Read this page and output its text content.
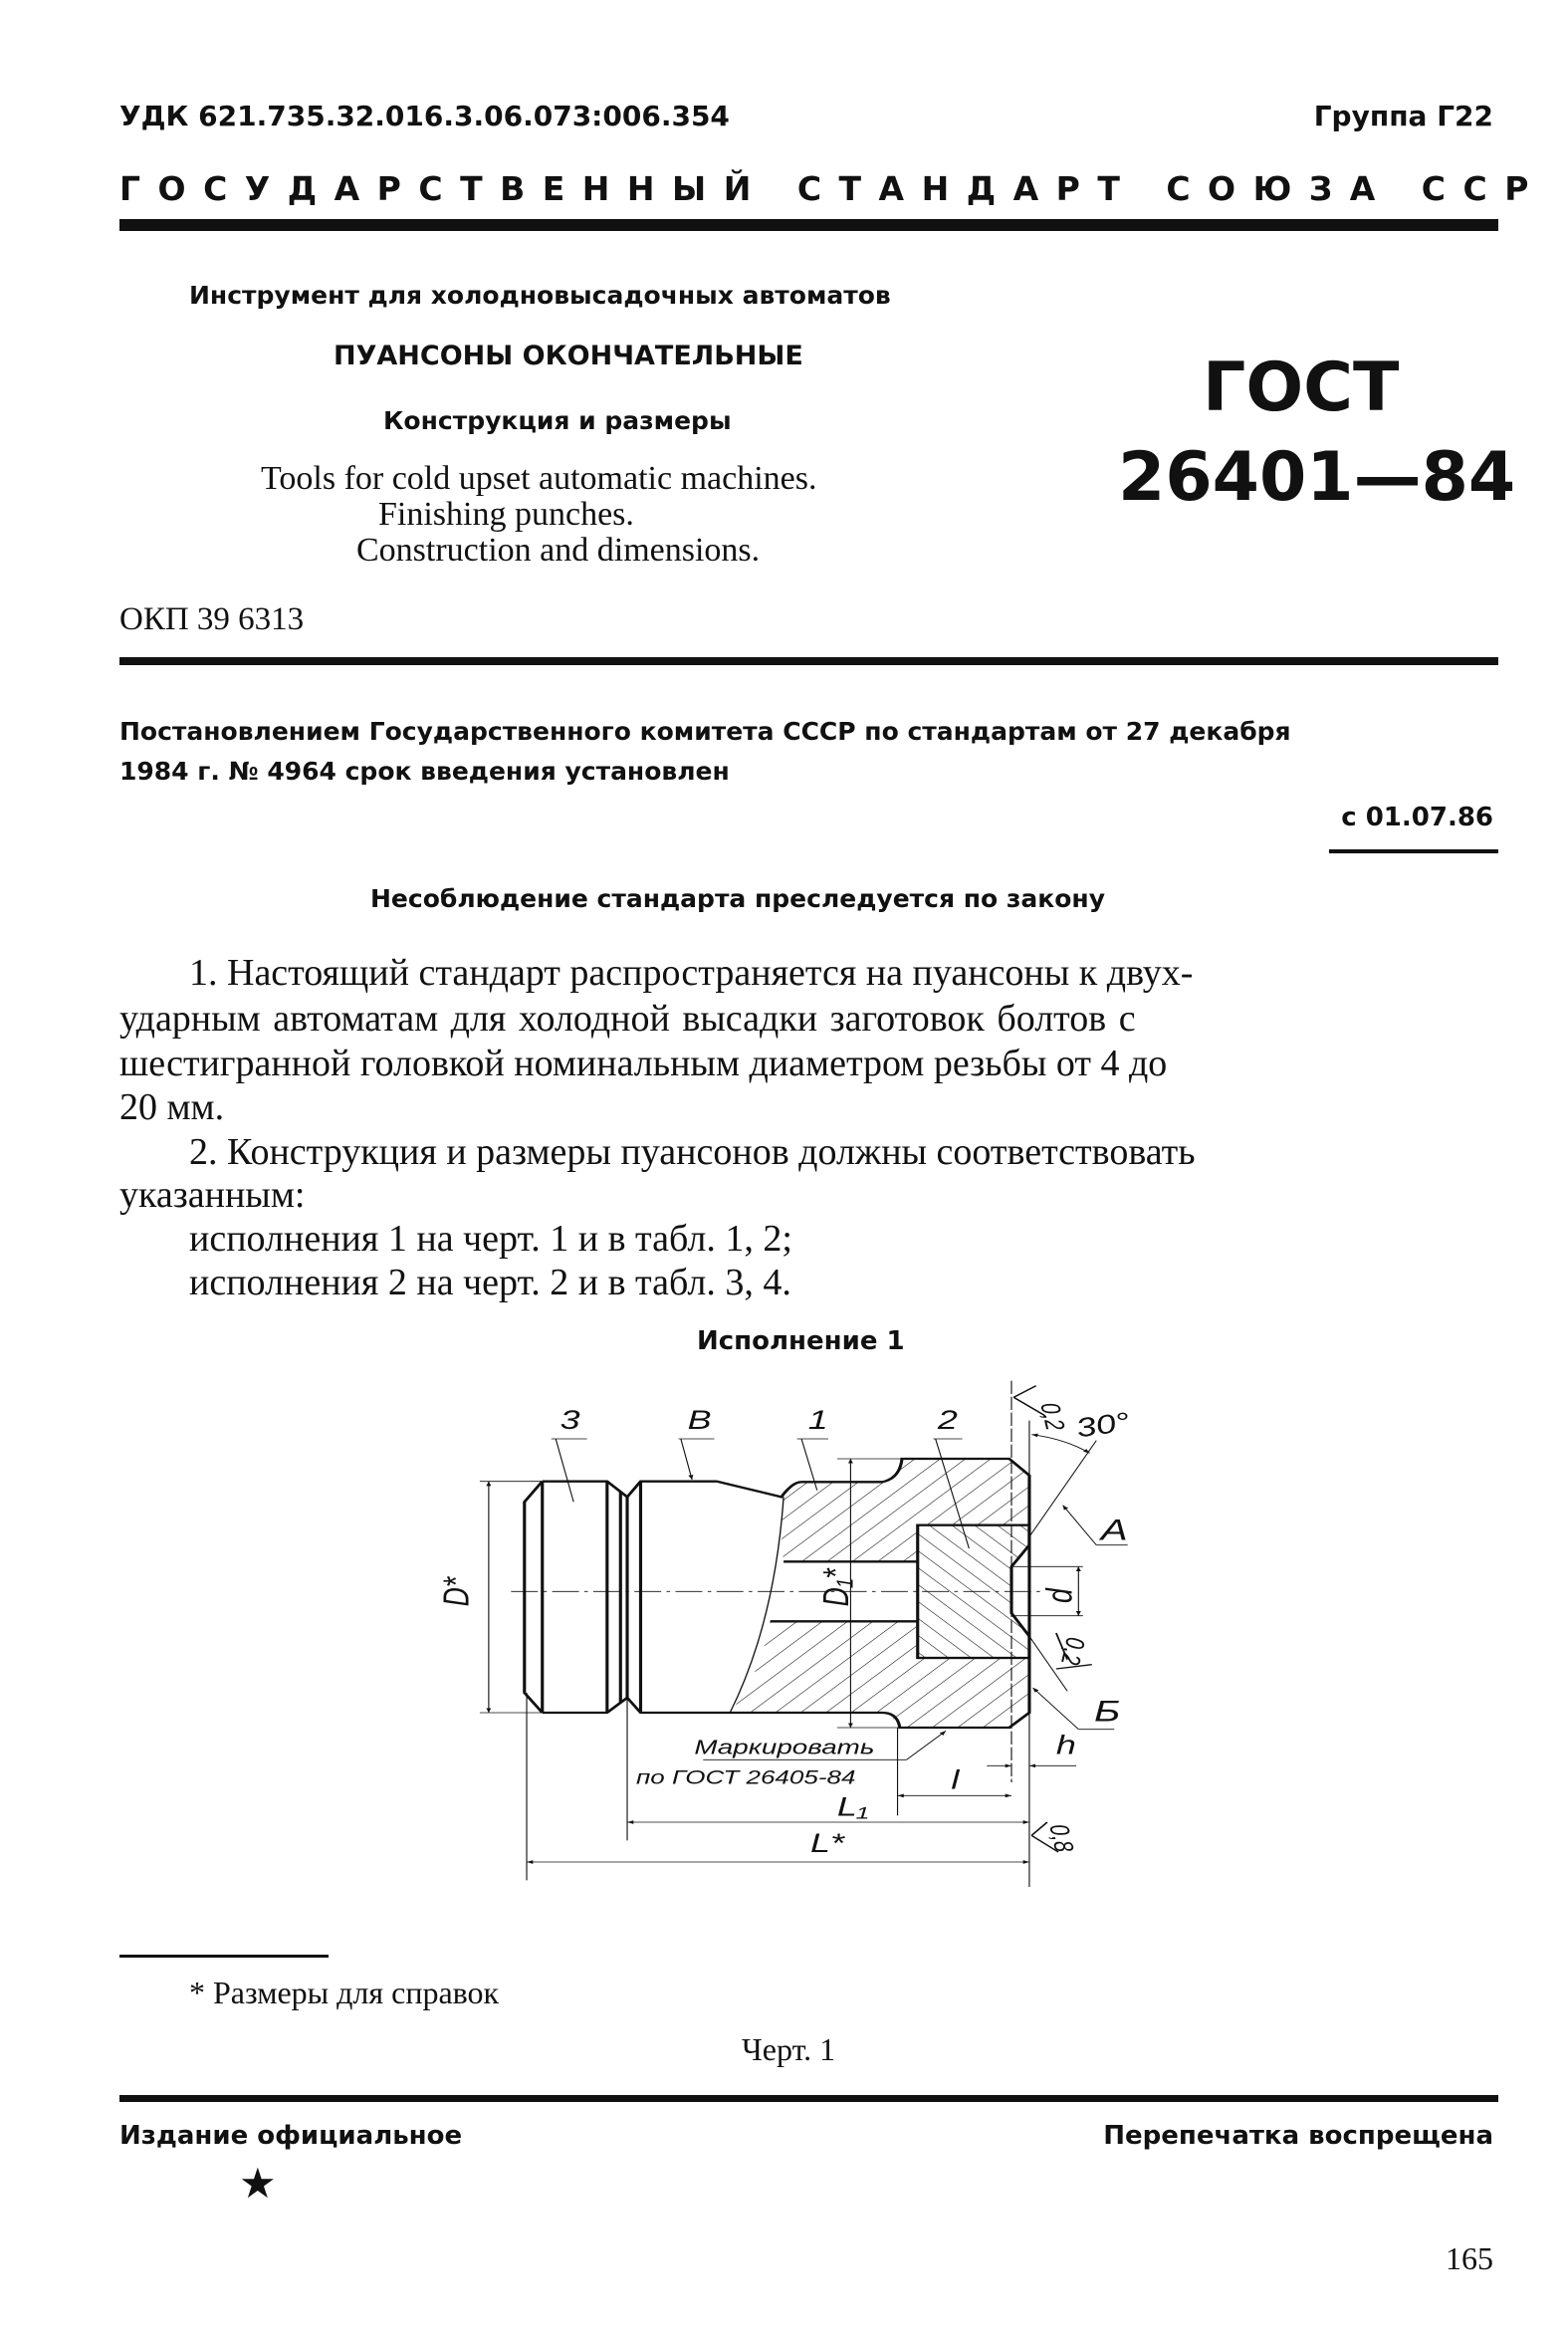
УДК 621.735.32.016.3.06.073:006.354	Группа Г22
ГОСУДАРСТВЕННЫЙ СТАНДАРТ СОЮЗА ССР
Инструмент для холодновысадочных автоматов
ПУАНСОНЫ ОКОНЧАТЕЛЬНЫЕ
Конструкция и размеры
Tools for cold upset automatic machines.
Finishing punches.
Construction and dimensions.
ГОСТ
26401—84
ОКП 39 6313
Постановлением Государственного комитета СССР по стандартам от 27 декабря
1984 г. № 4964 срок введения установлен
с 01.07.86
Несоблюдение стандарта преследуется по закону
1. Настоящий стандарт распространяется на пуансоны к двух-
ударным автоматам для холодной высадки заготовок болтов с
шестигранной головкой номинальным диаметром резьбы от 4 до
20 мм.
2. Конструкция и размеры пуансонов должны соответствовать
указанным:
исполнения 1 на черт. 1 и в табл. 1, 2;
исполнения 2 на черт. 2 и в табл. 3, 4.
Исполнение 1
3 В 1 2
А
Б
h
l
L₁
L*
30°
D*	D₁* d
0,2
0,2
0,8
Маркировать
по ГОСТ 26405-84
* Размеры для справок
Черт. 1
Издание официальное	Перепечатка воспрещена
★
165
